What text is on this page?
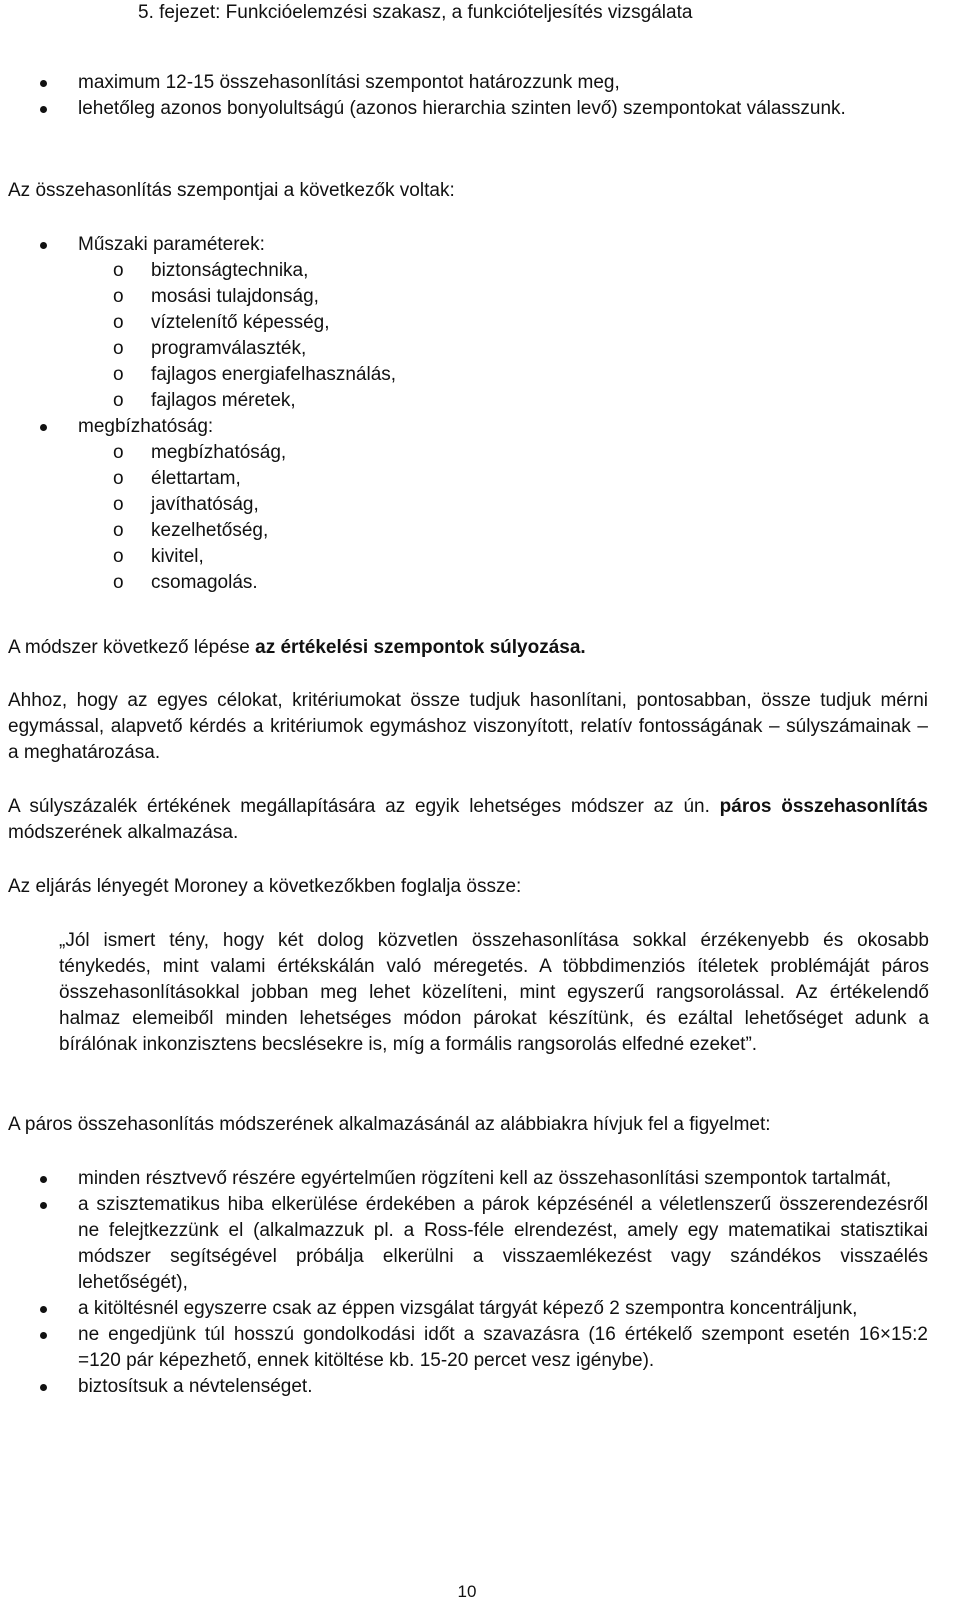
5. fejezet: Funkcióelemzési szakasz, a funkcióteljesítés vizsgálata
maximum 12-15 összehasonlítási szempontot határozzunk meg,
lehetőleg azonos bonyolultságú (azonos hierarchia szinten levő) szempontokat válasszunk.

Az összehasonlítás szempontjai a következők voltak:

Műszaki paraméterek:
o biztonságtechnika,
o mosási tulajdonság,
o víztelenítő képesség,
o programválaszték,
o fajlagos energiafelhasználás,
o fajlagos méretek,
megbízhatóság:
o megbízhatóság,
o élettartam,
o javíthatóság,
o kezelhetőség,
o kivitel,
o csomagolás.

A módszer következő lépése az értékelési szempontok súlyozása.

Ahhoz, hogy az egyes célokat, kritériumokat össze tudjuk hasonlítani, pontosabban, össze tudjuk mérni egymással, alapvető kérdés a kritériumok egymáshoz viszonyított, relatív fontosságának – súlyszámainak – a meghatározása.

A súlyszázalék értékének megállapítására az egyik lehetséges módszer az ún. páros összehasonlítás módszerének alkalmazása.

Az eljárás lényegét Moroney a következőkben foglalja össze:

„Jól ismert tény, hogy két dolog közvetlen összehasonlítása sokkal érzékenyebb és okosabb ténykedés, mint valami értékskálán való méregetés. A többdimenziós ítéletek problémáját páros összehasonlításokkal jobban meg lehet közelíteni, mint egyszerű rangsorolással. Az értékelendő halmaz elemeiből minden lehetséges módon párokat készítünk, és ezáltal lehetőséget adunk a bírálónak inkonzisztens becslésekre is, míg a formális rangsorolás elfedné ezeket”.

A páros összehasonlítás módszerének alkalmazásánál az alábbiakra hívjuk fel a figyelmet:

minden résztvevő részére egyértelműen rögzíteni kell az összehasonlítási szempontok tartalmát,
a szisztematikus hiba elkerülése érdekében a párok képzésénél a véletlenszerű összerendezésről ne felejtkezzünk el (alkalmazzuk pl. a Ross-féle elrendezést, amely egy matematikai statisztikai módszer segítségével próbálja elkerülni a visszaemlékezést vagy szándékos visszaélés lehetőségét),
a kitöltésnél egyszerre csak az éppen vizsgálat tárgyát képező 2 szempontra koncentráljunk,
ne engedjünk túl hosszú gondolkodási időt a szavazásra (16 értékelő szempont esetén 16×15:2 =120 pár képezhető, ennek kitöltése kb. 15-20 percet vesz igénybe).
biztosítsuk a névtelenséget.
10
